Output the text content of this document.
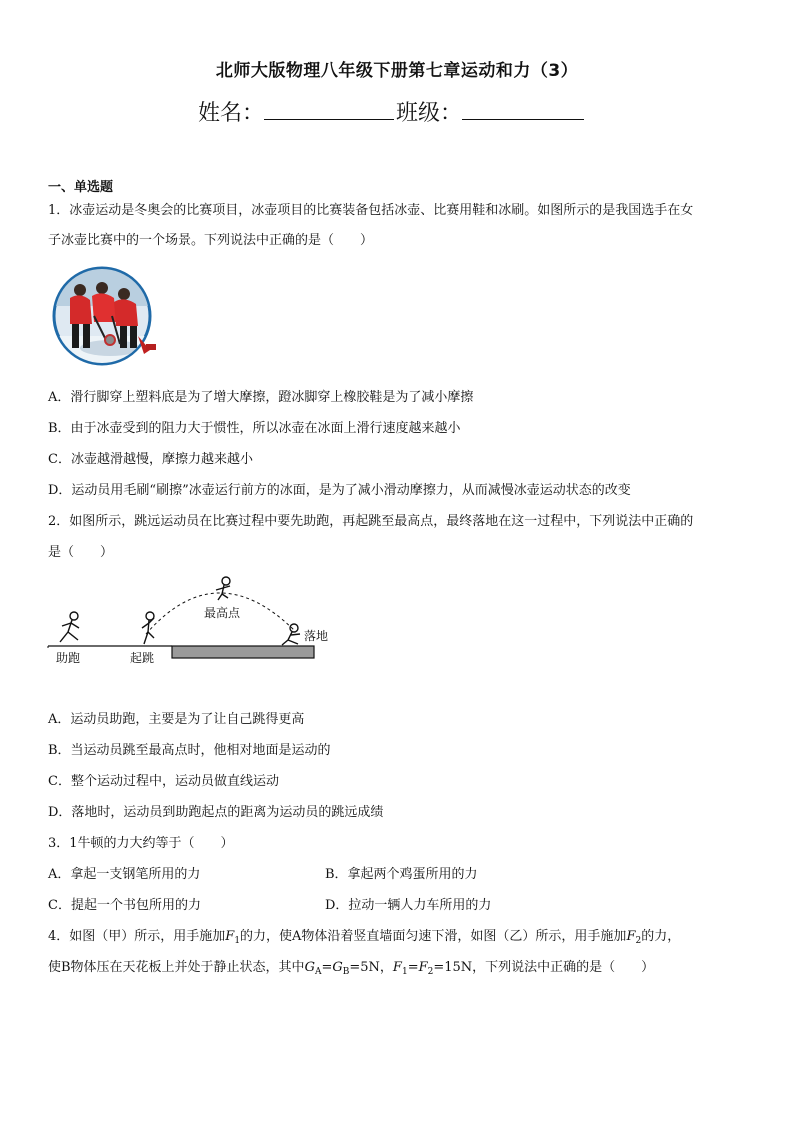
北师大版物理八年级下册第七章运动和力（3）
姓名：	班级：
一、单选题
1．冰壶运动是冬奥会的比赛项目，冰壶项目的比赛装备包括冰壶、比赛用鞋和冰刷。如图所示的是我国选手在女
子冰壶比赛中的一个场景。下列说法中正确的是（　　）
A．滑行脚穿上塑料底是为了增大摩擦，蹬冰脚穿上橡胶鞋是为了减小摩擦
B．由于冰壶受到的阻力大于惯性，所以冰壶在冰面上滑行速度越来越小
C．冰壶越滑越慢，摩擦力越来越小
D．运动员用毛刷“刷擦”冰壶运行前方的冰面，是为了减小滑动摩擦力，从而减慢冰壶运动状态的改变
2．如图所示，跳远运动员在比赛过程中要先助跑，再起跳至最高点，最终落地在这一过程中，下列说法中正确的
是（　　）
助跑	起跳
最高点
落地
A．运动员助跑，主要是为了让自己跳得更高
B．当运动员跳至最高点时，他相对地面是运动的
C．整个运动过程中，运动员做直线运动
D．落地时，运动员到助跑起点的距离为运动员的跳远成绩
3．1牛顿的力大约等于（　　）
A．拿起一支钢笔所用的力	B．拿起两个鸡蛋所用的力
C．提起一个书包所用的力	D．拉动一辆人力车所用的力
4．如图（甲）所示，用手施加$F_1$的力，使A物体沿着竖直墙面匀速下滑，如图（乙）所示，用手施加$F_2$的力，
使B物体压在天花板上并处于静止状态，其中$G_A=G_B=5N$，$F_1=F_2=15N$，下列说法中正确的是（　　）
